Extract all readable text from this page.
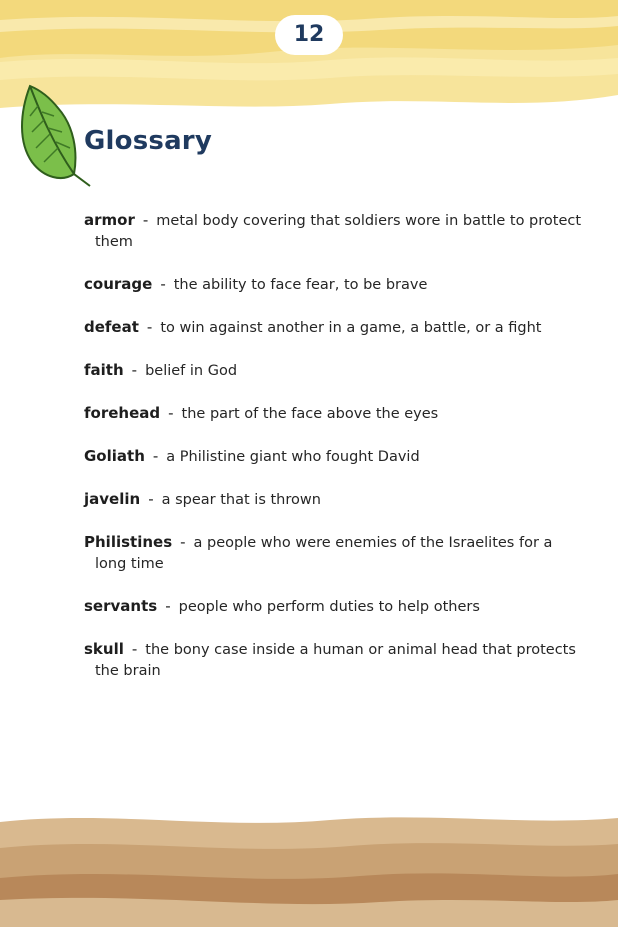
12
Glossary
armor - metal body covering that soldiers wore in battle to protect them
courage - the ability to face fear, to be brave
defeat - to win against another in a game, a battle, or a fight
faith - belief in God
forehead - the part of the face above the eyes
Goliath - a Philistine giant who fought David
javelin - a spear that is thrown
Philistines - a people who were enemies of the Israelites for a long time
servants - people who perform duties to help others
skull - the bony case inside a human or animal head that protects the brain
